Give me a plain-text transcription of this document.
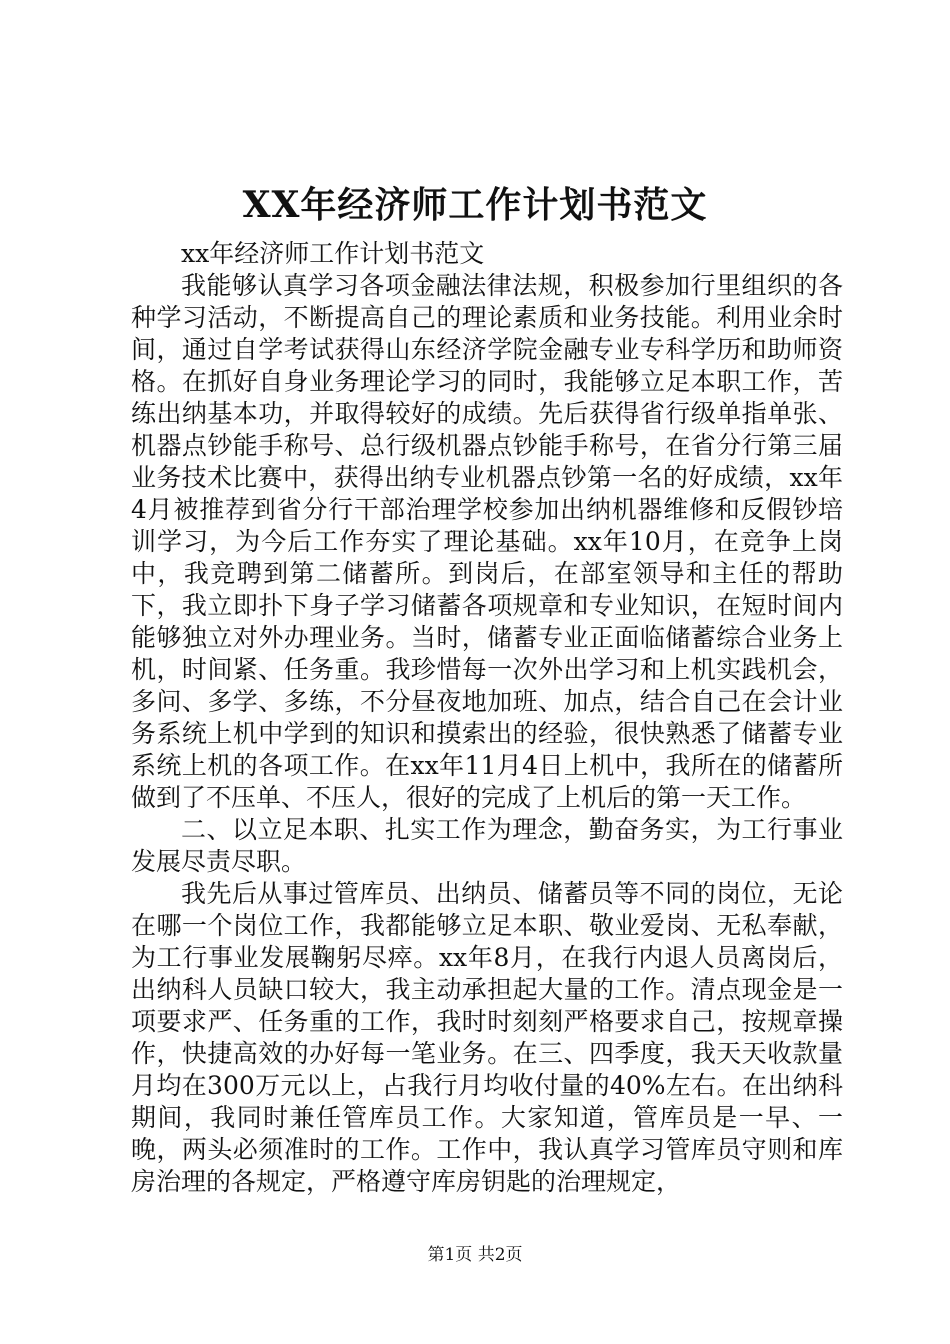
XX年经济师工作计划书范文

xx年经济师工作计划书范文

我能够认真学习各项金融法律法规，积极参加行里组织的各种学习活动，不断提高自己的理论素质和业务技能。利用业余时间，通过自学考试获得山东经济学院金融专业专科学历和助师资格。在抓好自身业务理论学习的同时，我能够立足本职工作，苦练出纳基本功，并取得较好的成绩。先后获得省行级单指单张、机器点钞能手称号、总行级机器点钞能手称号，在省分行第三届业务技术比赛中，获得出纳专业机器点钞第一名的好成绩，xx年4月被推荐到省分行干部治理学校参加出纳机器维修和反假钞培训学习，为今后工作夯实了理论基础。xx年10月，在竞争上岗中，我竞聘到第二储蓄所。到岗后，在部室领导和主任的帮助下，我立即扑下身子学习储蓄各项规章和专业知识，在短时间内能够独立对外办理业务。当时，储蓄专业正面临储蓄综合业务上机，时间紧、任务重。我珍惜每一次外出学习和上机实践机会，多问、多学、多练，不分昼夜地加班、加点，结合自己在会计业务系统上机中学到的知识和摸索出的经验，很快熟悉了储蓄专业系统上机的各项工作。在xx年11月4日上机中，我所在的储蓄所做到了不压单、不压人，很好的完成了上机后的第一天工作。

二、以立足本职、扎实工作为理念，勤奋务实，为工行事业发展尽责尽职。

我先后从事过管库员、出纳员、储蓄员等不同的岗位，无论在哪一个岗位工作，我都能够立足本职、敬业爱岗、无私奉献，为工行事业发展鞠躬尽瘁。xx年8月，在我行内退人员离岗后，出纳科人员缺口较大，我主动承担起大量的工作。清点现金是一项要求严、任务重的工作，我时时刻刻严格要求自己，按规章操作，快捷高效的办好每一笔业务。在三、四季度，我天天收款量月均在300万元以上，占我行月均收付量的40%左右。在出纳科期间，我同时兼任管库员工作。大家知道，管库员是一早、一晚，两头必须准时的工作。工作中，我认真学习管库员守则和库房治理的各规定，严格遵守库房钥匙的治理规定，

第1页 共2页
